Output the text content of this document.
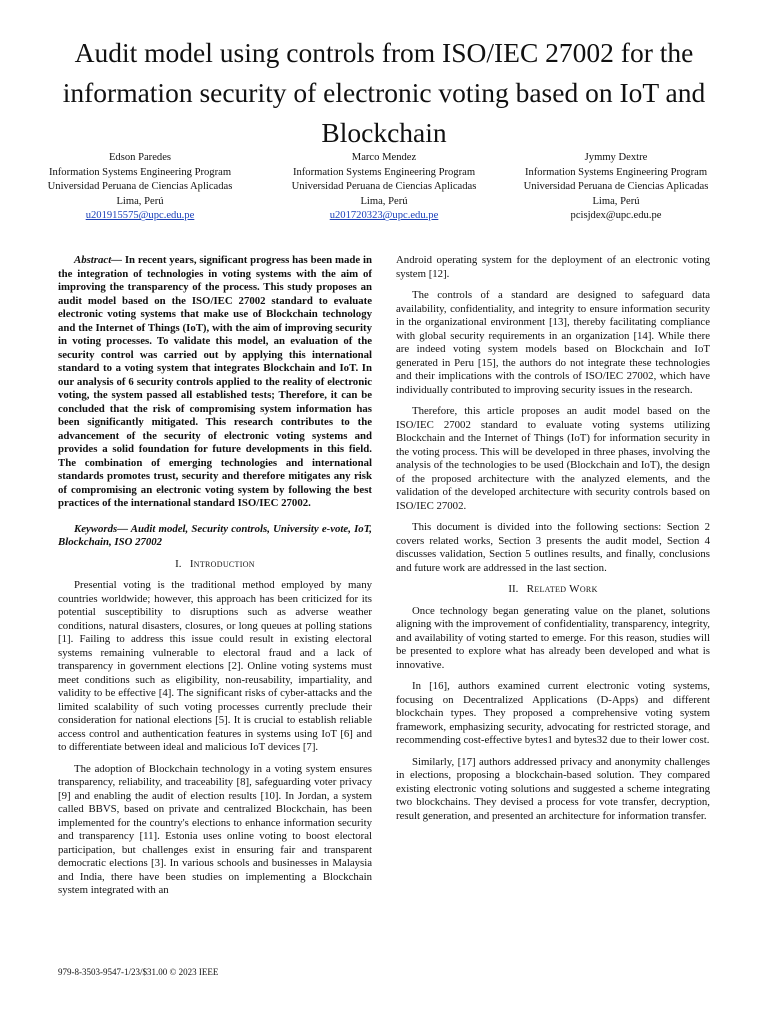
Audit model using controls from ISO/IEC 27002 for the information security of electronic voting based on IoT and Blockchain
Edson Paredes
Information Systems Engineering Program
Universidad Peruana de Ciencias Aplicadas
Lima, Perú
u201915575@upc.edu.pe
Marco Mendez
Information Systems Engineering Program
Universidad Peruana de Ciencias Aplicadas
Lima, Perú
u201720323@upc.edu.pe
Jymmy Dextre
Information Systems Engineering Program
Universidad Peruana de Ciencias Aplicadas
Lima, Perú
pcisjdex@upc.edu.pe

Abstract— In recent years, significant progress has been made in the integration of technologies in voting systems with the aim of improving the transparency of the process. This study proposes an audit model based on the ISO/IEC 27002 standard to evaluate electronic voting systems that make use of Blockchain technology and the Internet of Things (IoT), with the aim of improving security in voting processes. To validate this model, an evaluation of the security control was carried out by applying this international standard to a voting system that integrates Blockchain and IoT. In our analysis of 6 security controls applied to the reality of electronic voting, the system passed all established tests; Therefore, it can be concluded that the risk of compromising system information has been significantly mitigated. This research contributes to the advancement of the security of electronic voting systems and provides a solid foundation for future developments in this field. The combination of emerging technologies and international standards promotes trust, security and therefore mitigates any risk of compromising an electronic voting system by following the best practices of the international standard ISO/IEC 27002.

Keywords— Audit model, Security controls, University e-vote, IoT, Blockchain, ISO 27002

I. Introduction

Presential voting is the traditional method employed by many countries worldwide; however, this approach has been criticized for its potential susceptibility to disruptions such as adverse weather conditions, natural disasters, closures, or long queues at polling stations [1]. Failing to address this issue could result in existing electoral systems remaining vulnerable to electoral fraud and a lack of transparency in government elections [2]. Online voting systems must meet conditions such as eligibility, non-reusability, impartiality, and validity to be effective [4]. The significant risks of cyber-attacks and the limited scalability of such voting processes currently preclude their consideration for national elections [5]. It is crucial to establish reliable access control and authentication features in systems using IoT [6] and to differentiate between ideal and malicious IoT devices [7].

The adoption of Blockchain technology in a voting system ensures transparency, reliability, and traceability [8], safeguarding voter privacy [9] and enabling the audit of election results [10]. In Jordan, a system called BBVS, based on private and centralized Blockchain, has been implemented for the country's elections to enhance information security and transparency [11]. Estonia uses online voting to boost electoral participation, but challenges exist in ensuring fair and transparent democratic elections [3]. In various schools and businesses in Malaysia and India, there have been studies on implementing a Blockchain system integrated with an

Android operating system for the deployment of an electronic voting system [12].

The controls of a standard are designed to safeguard data availability, confidentiality, and integrity to ensure information security in the organizational environment [13], thereby facilitating compliance with global security requirements in an organization [14]. While there are indeed voting system models based on Blockchain and IoT generated in Peru [15], the authors do not integrate these technologies and their implications with the controls of ISO/IEC 27002, which have individually contributed to improving security issues in the research.

Therefore, this article proposes an audit model based on the ISO/IEC 27002 standard to evaluate voting systems utilizing Blockchain and the Internet of Things (IoT) for information security in the voting process. This will be developed in three phases, involving the analysis of the technologies to be used (Blockchain and IoT), the design of the proposed architecture with the analyzed elements, and the validation of the developed architecture with security controls based on ISO/IEC 27002.

This document is divided into the following sections: Section 2 covers related works, Section 3 presents the audit model, Section 4 discusses validation, Section 5 outlines results, and finally, conclusions and future work are addressed in the last section.

II. Related Work

Once technology began generating value on the planet, solutions aligning with the improvement of confidentiality, transparency, integrity, and availability of voting started to emerge. For this reason, studies will be presented to explore what has already been developed and what is innovative.

In [16], authors examined current electronic voting systems, focusing on Decentralized Applications (D-Apps) and different blockchain types. They proposed a comprehensive voting system framework, emphasizing security, advocating for restricted storage, and recommending cost-effective bytes1 and bytes32 due to their lower cost.

Similarly, [17] authors addressed privacy and anonymity challenges in elections, proposing a blockchain-based solution. They compared existing electronic voting solutions and suggested a scheme integrating two blockchains. They devised a process for vote transfer, decryption, result generation, and presented an architecture for information transfer.

979-8-3503-9547-1/23/$31.00 © 2023 IEEE
